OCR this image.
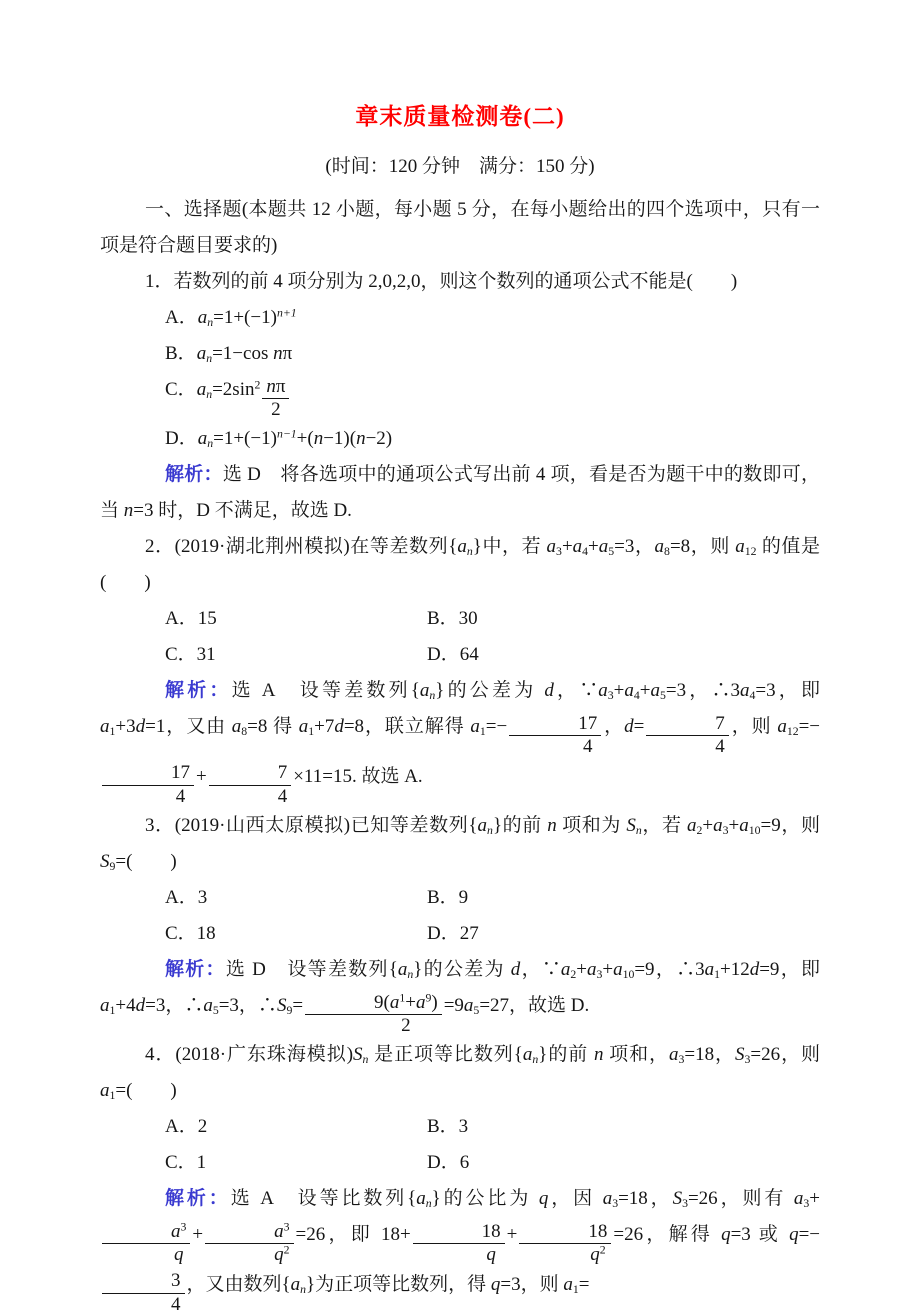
章末质量检测卷(二)
(时间：120 分钟　满分：150 分)
一、选择题(本题共 12 小题，每小题 5 分，在每小题给出的四个选项中，只有一项是符合题目要求的)
1．若数列的前 4 项分别为 2,0,2,0，则这个数列的通项公式不能是(　　)
A．$a_n=1+(-1)^{n+1}$
B．$a_n=1-\cos$ nπ
C．$a_n=2\sin^2 \frac{n\pi}{2}$
D．$a_n=1+(-1)^{n-1}+(n-1)(n-2)$
解析：选 D　将各选项中的通项公式写出前 4 项，看是否为题干中的数即可，当 n=3 时，D 不满足，故选 D.
2．(2019·湖北荆州模拟)在等差数列$\{a_n\}$中，若 $a_3+a_4+a_5=3$，$a_8=8$，则 $a_{12}$ 的值是(　　)
A．15	B．30
C．31	D．64
解析：选 A　设等差数列$\{a_n\}$的公差为 d，$\because a_3+a_4+a_5=3$，$\therefore 3a_4=3$，即 $a_1+3d=1$，又由 $a_8=8$ 得 $a_1+7d=8$，联立解得 $a_1=- \frac{17}{4}$ ，$d= \frac{7}{4}$ ，则 $a_{12}=-$
$\frac{17}{4} + \frac{7}{4} \times 11=15$. 故选 A.
3．(2019·山西太原模拟)已知等差数列$\{a_n\}$的前 n 项和为 $S_n$，若 $a_2+a_3+a_{10}=9$，则 $S_9=$(　　)
A．3	B．9
C．18	D．27
解析：选 D　设等差数列$\{a_n\}$的公差为 d，$\because a_2+a_3+a_{10}=9$，$\therefore 3a_1+12d=9$，即 $a_1+4d=3$，$\therefore a_5=3$，$\therefore S_9= \frac{9(a^1+a^9)}{2} =9a_5=27$，故选 D.
4．(2018·广东珠海模拟)$S_n$ 是正项等比数列$\{a_n\}$的前 n 项和，$a_3=18$，$S_3=26$，则 $a_1=$(　　)
A．2	B．3
C．1	D．6
解析：选 A　设等比数列$\{a_n\}$的公比为 q，因 $a_3=18$，$S_3=26$，则有 $a_3+$
$\frac{a^3}{q} + \frac{a^3}{q^2} =26$，即 $18+ \frac{18}{q} + \frac{18}{q^2} =26$，解得 q=3 或 q=−
$\frac{3}{4}$ ，又由数列$\{a_n\}$为正项等比数列，得 q=3，则 $a_1=$
